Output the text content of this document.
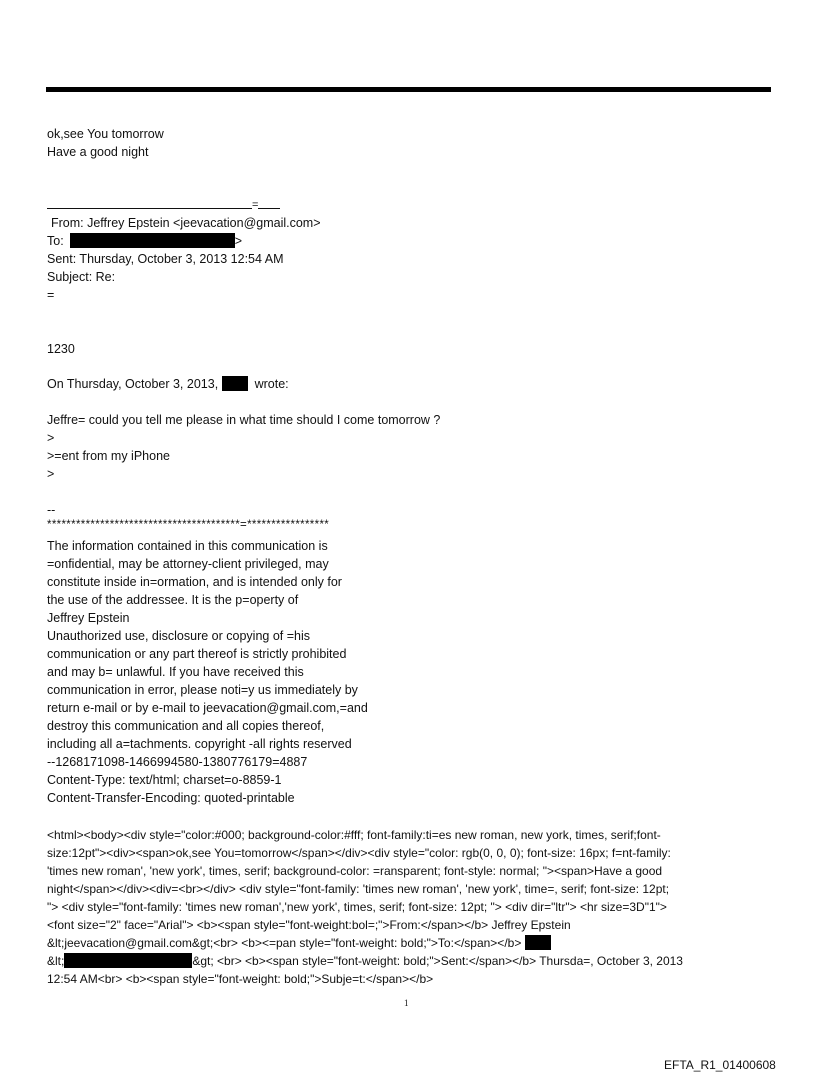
ok,see You tomorrow
Have a good night
=
From: Jeffrey Epstein <jeevacation@gmail.com>
To:	>
Sent: Thursday, October 3, 2013 12:54 AM
Subject: Re:
=
1230
On Thursday, October 3, 2013,	wrote:
Jeffre= could you tell me please in what time should I come tomorrow ?
>
>=ent from my iPhone
>
--
****************************************=*****************
The information contained in this communication is
=onfidential, may be attorney-client privileged, may
constitute inside in=ormation, and is intended only for
the use of the addressee. It is the p=operty of
Jeffrey Epstein
Unauthorized use, disclosure or copying of =his
communication or any part thereof is strictly prohibited
and may b= unlawful. If you have received this
communication in error, please noti=y us immediately by
return e-mail or by e-mail to jeevacation@gmail.com,=and
destroy this communication and all copies thereof,
including all a=tachments. copyright -all rights reserved
--1268171098-1466994580-1380776179=4887
Content-Type: text/html; charset=o-8859-1
Content-Transfer-Encoding: quoted-printable
<html><body><div style="color:#000; background-color:#fff; font-family:ti=es new roman, new york, times, serif;font-
size:12pt"><div><span>ok,see You=tomorrow</span></div><div style="color: rgb(0, 0, 0); font-size: 16px; f=nt-family:
'times new roman', 'new york', times, serif; background-color: =ransparent; font-style: normal; "><span>Have a good
night</span></div><div=<br></div> <div style="font-family: 'times new roman', 'new york', time=, serif; font-size: 12pt;
"> <div style="font-family: 'times new roman','new york', times, serif; font-size: 12pt; "> <div dir="ltr"> <hr size=3D"1">
<font size="2" face="Arial"> <b><span style="font-weight:bol=;">From:</span></b> Jeffrey Epstein
&lt;jeevacation@gmail.com&gt;<br> <b><=pan style="font-weight: bold;">To:</span></b>
&lt;	&gt; <br> <b><span style="font-weight: bold;">Sent:</span></b> Thursda=, October 3, 2013
12:54 AM<br> <b><span style="font-weight: bold;">Subje=t:</span></b>
1
EFTA_R1_01400608
